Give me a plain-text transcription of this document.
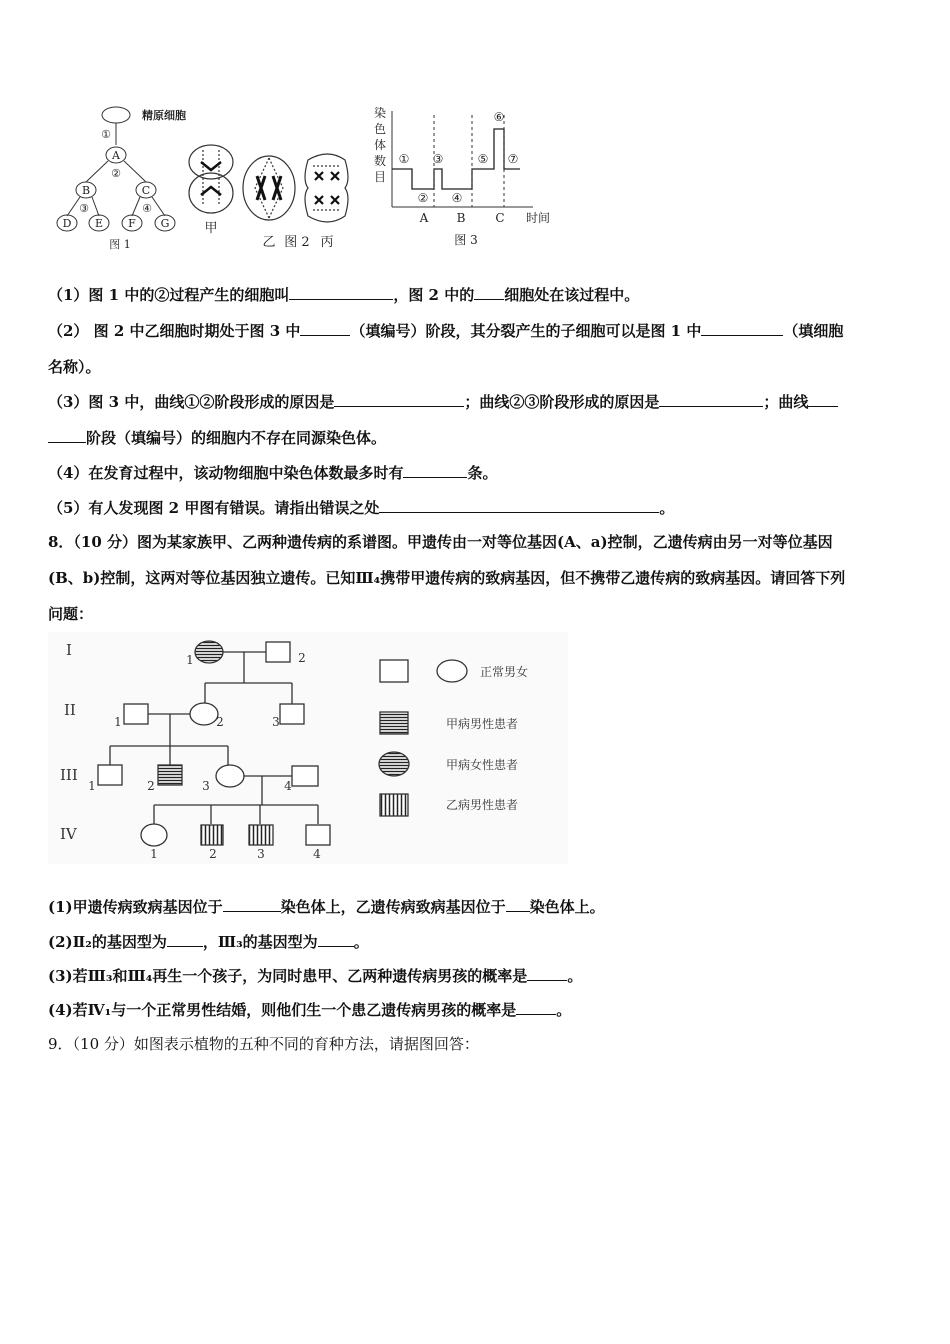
精原细胞
①
A
②
B	C
③	④
D E F G
图 1
甲
乙	丙
图 2
染
色
体
数
目
①
②
③
④
⑤
⑥
⑦
A B C 时间
图 3
（1）图 1 中的②过程产生的细胞叫	，图 2 中的 细胞处在该过程中。
（2） 图 2 中乙细胞时期处于图 3 中	（填编号）阶段，其分裂产生的子细胞可以是图 1 中	（填细胞
名称）。
（3）图 3 中，曲线①②阶段形成的原因是	；曲线②③阶段形成的原因是	；曲线
阶段（填编号）的细胞内不存在同源染色体。
（4）在发育过程中，该动物细胞中染色体数最多时有	条。
（5）有人发现图 2 甲图有错误。请指出错误之处	。
8．（10 分）图为某家族甲、乙两种遗传病的系谱图。甲遗传由一对等位基因(A、a)控制，乙遗传病由另一对等位基因
(B、b)控制，这两对等位基因独立遗传。已知Ⅲ₄携带甲遗传病的致病基因，但不携带乙遗传病的致病基因。请回答下列
问题：
I
II
III
IV
1	2
1	2	3
1	2	3	4
1	2	3	4
正常男女
甲病男性患者
甲病女性患者
乙病男性患者
(1)甲遗传病致病基因位于	染色体上，乙遗传病致病基因位于 染色体上。
(2)Ⅱ₂的基因型为 ，Ⅲ₃的基因型为 。
(3)若Ⅲ₃和Ⅲ₄再生一个孩子，为同时患甲、乙两种遗传病男孩的概率是	。
(4)若Ⅳ₁与一个正常男性结婚，则他们生一个患乙遗传病男孩的概率是	。
9．（10 分）如图表示植物的五种不同的育种方法，请据图回答：
